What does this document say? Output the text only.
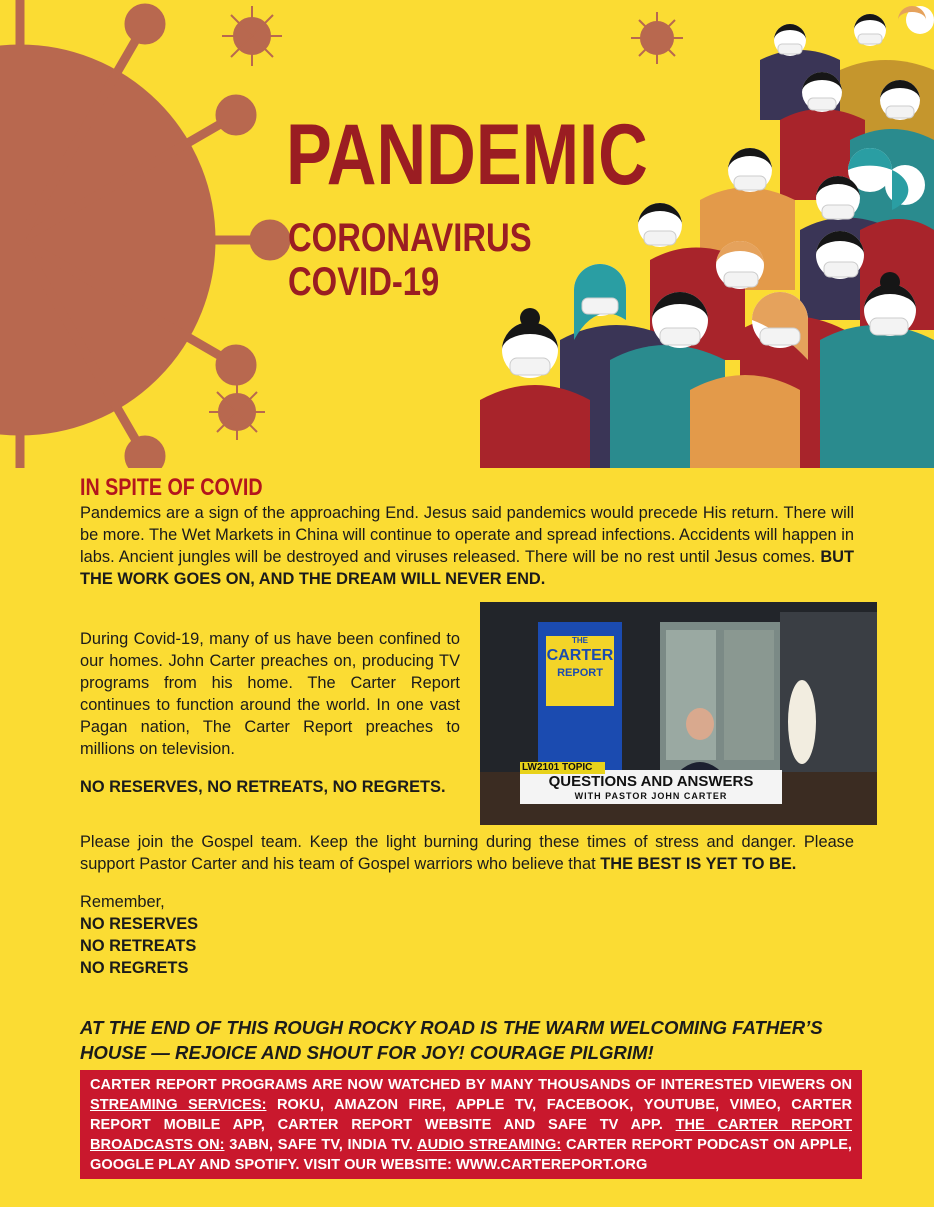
PANDEMIC
CORONAVIRUS
COVID-19
IN SPITE OF COVID

Pandemics are a sign of the approaching End. Jesus said pandemics would precede His return. There will be more. The Wet Markets in China will continue to operate and spread infections. Accidents will happen in labs. Ancient jungles will be destroyed and viruses released. There will be no rest until Jesus comes. BUT THE WORK GOES ON, AND THE DREAM WILL NEVER END.

THE
CARTER
REPORT
LW2101 TOPIC
QUESTIONS AND ANSWERS
WITH PASTOR JOHN CARTER

During Covid-19, many of us have been confined to our homes. John Carter preaches on, producing TV programs from his home. The Carter Report continues to function around the world. In one vast Pagan nation, The Carter Report preaches to millions on television.

NO RESERVES, NO RETREATS, NO REGRETS.

Please join the Gospel team. Keep the light burning during these times of stress and danger. Please support Pastor Carter and his team of Gospel warriors who believe that THE BEST IS YET TO BE.

Remember,
NO RESERVES
NO RETREATS
NO REGRETS
AT THE END OF THIS ROUGH ROCKY ROAD IS THE WARM WELCOMING FATHER’S HOUSE — REJOICE AND SHOUT FOR JOY! COURAGE PILGRIM!
CARTER REPORT PROGRAMS ARE NOW WATCHED BY MANY THOUSANDS OF INTERESTED VIEWERS ON STREAMING SERVICES: ROKU, AMAZON FIRE, APPLE TV, FACEBOOK, YOUTUBE, VIMEO, CARTER REPORT MOBILE APP, CARTER REPORT WEBSITE AND SAFE TV APP. THE CARTER REPORT BROADCASTS ON: 3ABN, SAFE TV, INDIA TV. AUDIO STREAMING: CARTER REPORT PODCAST ON APPLE, GOOGLE PLAY AND SPOTIFY. VISIT OUR WEBSITE: WWW.CARTEREPORT.ORG
